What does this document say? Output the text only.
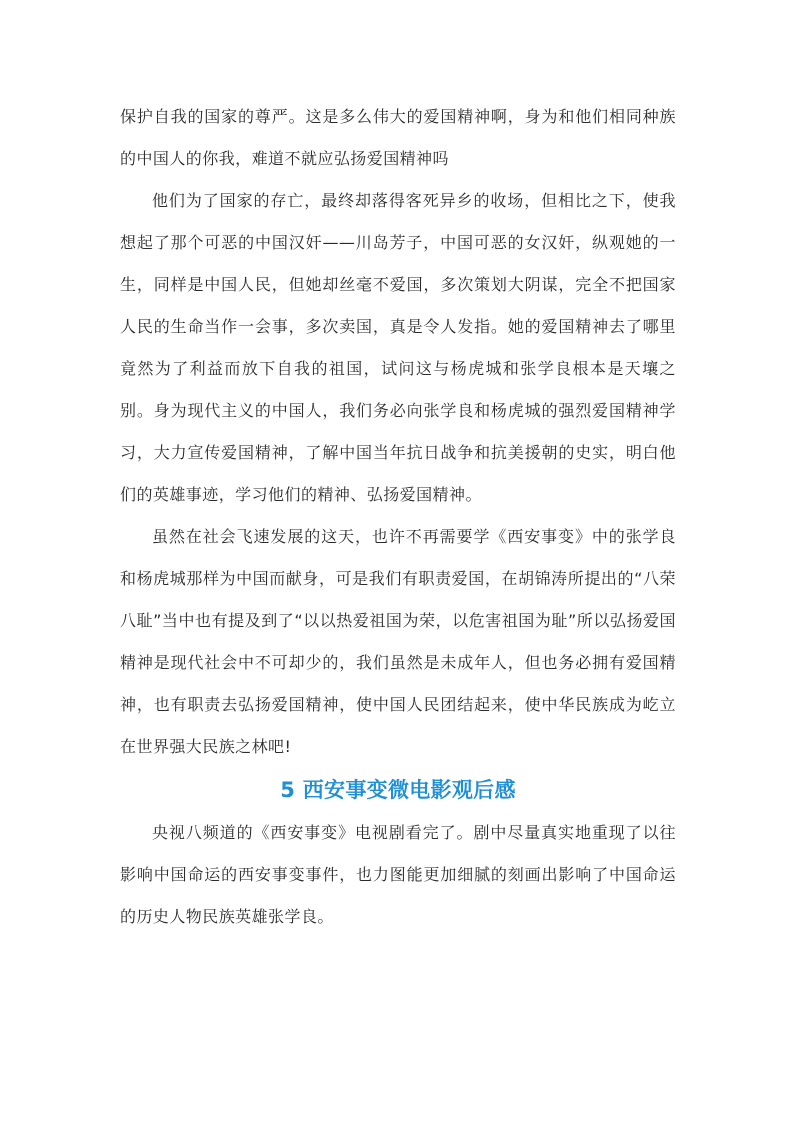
保护自我的国家的尊严。这是多么伟大的爱国精神啊，身为和他们相同种族的中国人的你我，难道不就应弘扬爱国精神吗

他们为了国家的存亡，最终却落得客死异乡的收场，但相比之下，使我想起了那个可恶的中国汉奸——川岛芳子，中国可恶的女汉奸，纵观她的一生，同样是中国人民，但她却丝毫不爱国，多次策划大阴谋，完全不把国家人民的生命当作一会事，多次卖国，真是令人发指。她的爱国精神去了哪里竟然为了利益而放下自我的祖国，试问这与杨虎城和张学良根本是天壤之别。身为现代主义的中国人，我们务必向张学良和杨虎城的强烈爱国精神学习，大力宣传爱国精神，了解中国当年抗日战争和抗美援朝的史实，明白他们的英雄事迹，学习他们的精神、弘扬爱国精神。

虽然在社会飞速发展的这天，也许不再需要学《西安事变》中的张学良和杨虎城那样为中国而献身，可是我们有职责爱国，在胡锦涛所提出的“八荣八耻”当中也有提及到了“以以热爱祖国为荣，以危害祖国为耻”所以弘扬爱国精神是现代社会中不可却少的，我们虽然是未成年人，但也务必拥有爱国精神，也有职责去弘扬爱国精神，使中国人民团结起来，使中华民族成为屹立在世界强大民族之林吧!

5 西安事变微电影观后感

央视八频道的《西安事变》电视剧看完了。剧中尽量真实地重现了以往影响中国命运的西安事变事件，也力图能更加细腻的刻画出影响了中国命运的历史人物民族英雄张学良。
